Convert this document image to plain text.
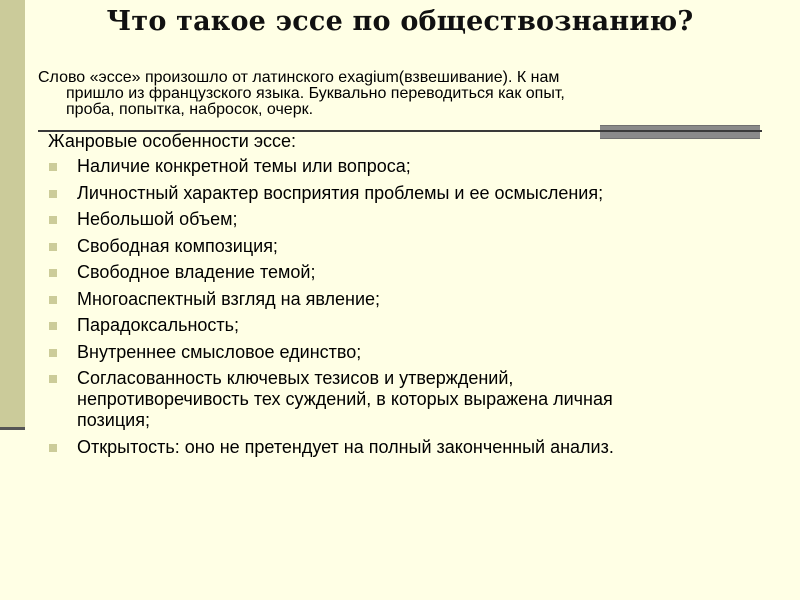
Что такое эссе по обществознанию?

Слово «эссе» произошло от латинского exagium(взвешивание). К нам
пришло из французского языка. Буквально переводиться как опыт,
проба, попытка, набросок, очерк.

Жанровые особенности эссе:

Наличие конкретной темы или вопроса;
Личностный характер восприятия проблемы и ее осмысления;
Небольшой объем;
Свободная композиция;
Свободное владение темой;
Многоаспектный взгляд на явление;
Парадоксальность;
Внутреннее смысловое единство;
Согласованность ключевых тезисов и утверждений,
непротиворечивость тех суждений, в которых выражена личная
позиция;
Открытость: оно не претендует на полный законченный анализ.
